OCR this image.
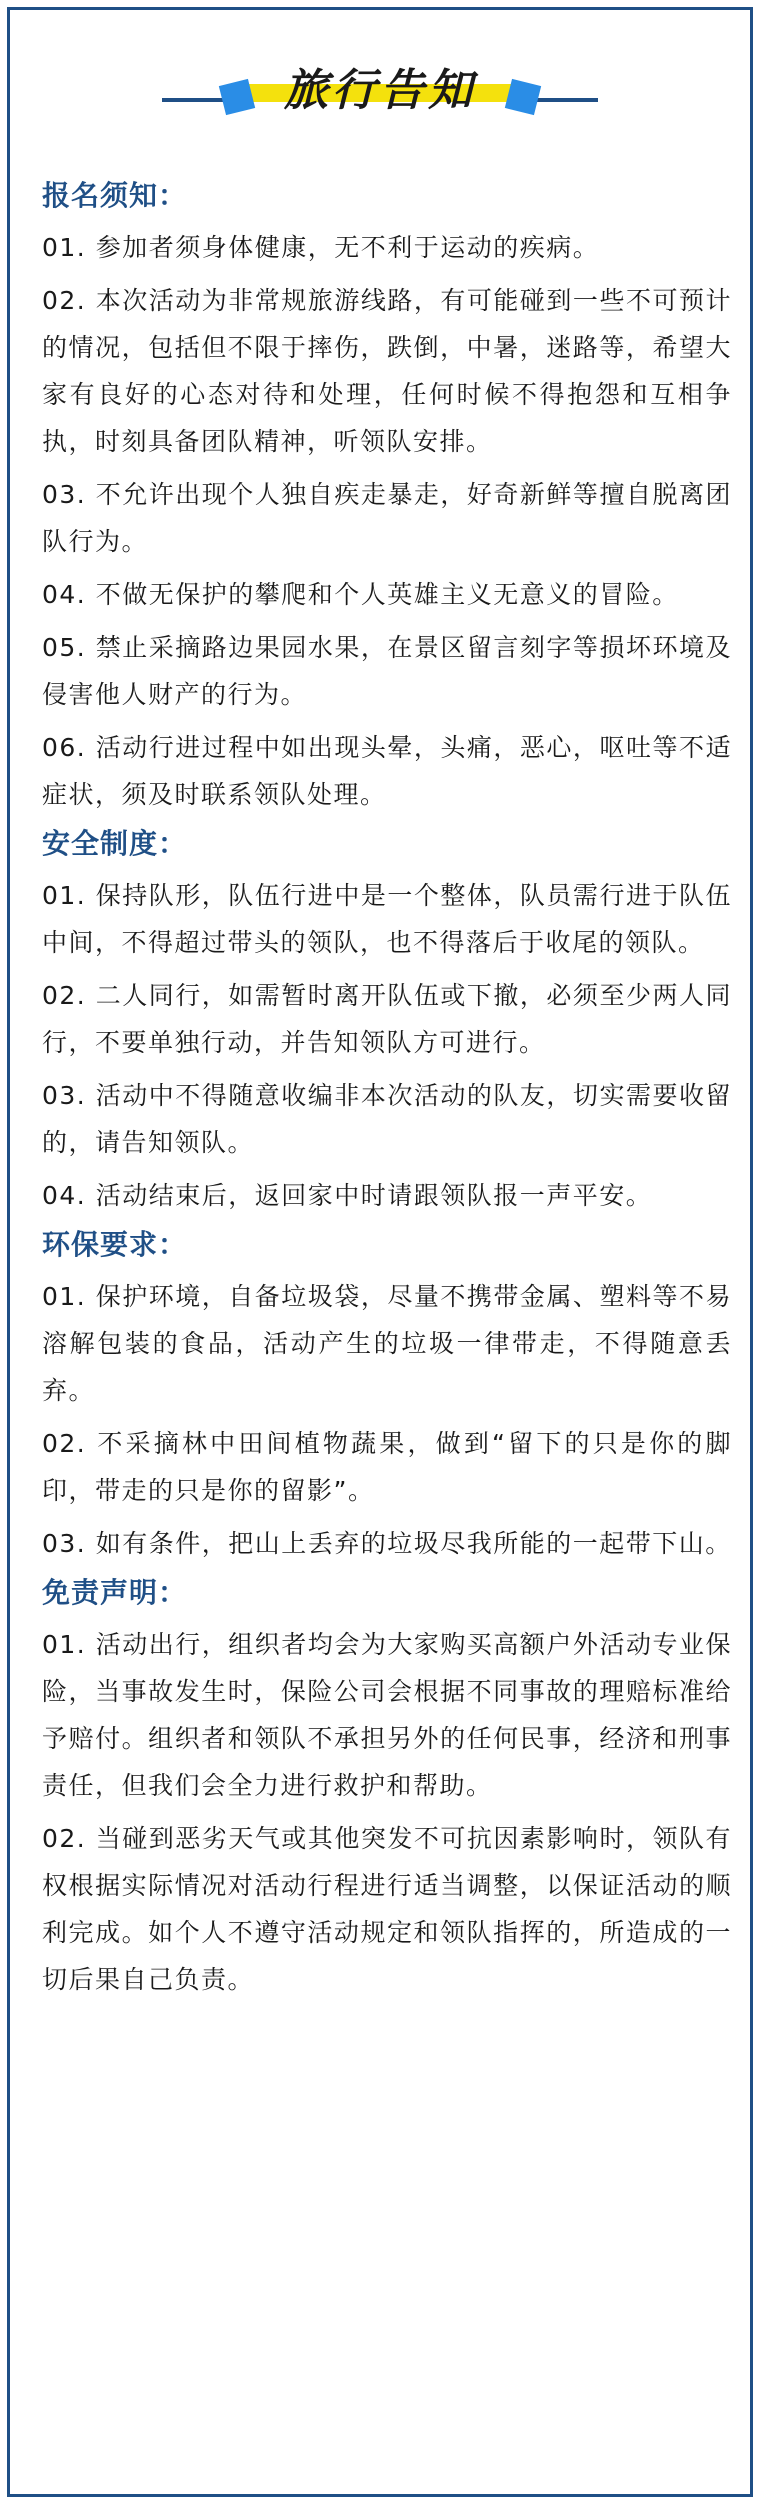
旅行告知
报名须知：
01. 参加者须身体健康，无不利于运动的疾病。
02. 本次活动为非常规旅游线路，有可能碰到一些不可预计的情况，包括但不限于摔伤，跌倒，中暑，迷路等，希望大家有良好的心态对待和处理，任何时候不得抱怨和互相争执，时刻具备团队精神，听领队安排。
03. 不允许出现个人独自疾走暴走，好奇新鲜等擅自脱离团队行为。
04. 不做无保护的攀爬和个人英雄主义无意义的冒险。
05. 禁止采摘路边果园水果，在景区留言刻字等损坏环境及侵害他人财产的行为。
06. 活动行进过程中如出现头晕，头痛，恶心，呕吐等不适症状，须及时联系领队处理。
安全制度：
01. 保持队形，队伍行进中是一个整体，队员需行进于队伍中间，不得超过带头的领队，也不得落后于收尾的领队。
02. 二人同行，如需暂时离开队伍或下撤，必须至少两人同行，不要单独行动，并告知领队方可进行。
03. 活动中不得随意收编非本次活动的队友，切实需要收留的，请告知领队。
04. 活动结束后，返回家中时请跟领队报一声平安。
环保要求：
01. 保护环境，自备垃圾袋，尽量不携带金属、塑料等不易溶解包装的食品，活动产生的垃圾一律带走，不得随意丢弃。
02. 不采摘林中田间植物蔬果，做到“留下的只是你的脚印，带走的只是你的留影”。
03. 如有条件，把山上丢弃的垃圾尽我所能的一起带下山。
免责声明：
01. 活动出行，组织者均会为大家购买高额户外活动专业保险，当事故发生时，保险公司会根据不同事故的理赔标准给予赔付。组织者和领队不承担另外的任何民事，经济和刑事责任，但我们会全力进行救护和帮助。
02. 当碰到恶劣天气或其他突发不可抗因素影响时，领队有权根据实际情况对活动行程进行适当调整，以保证活动的顺利完成。如个人不遵守活动规定和领队指挥的，所造成的一切后果自己负责。
